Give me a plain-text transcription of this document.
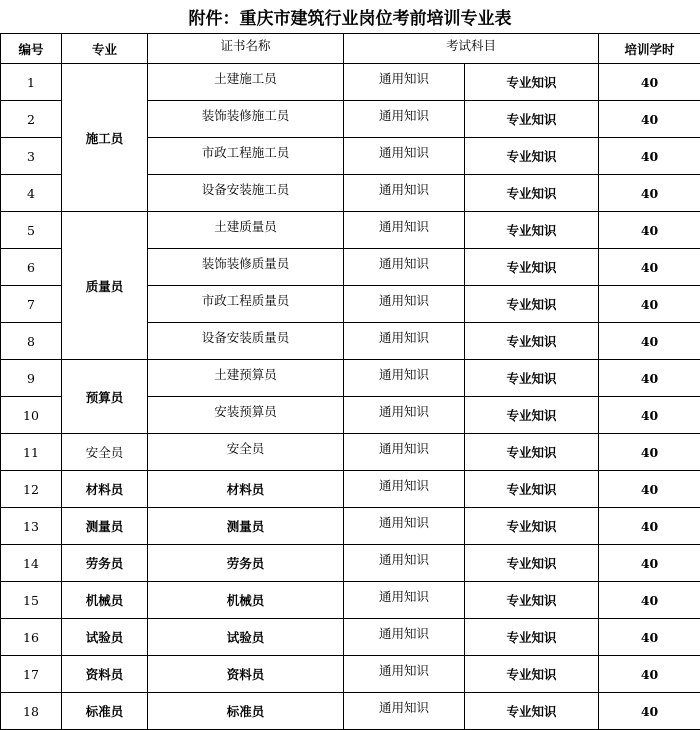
附件：重庆市建筑行业岗位考前培训专业表
编号	专业	证书名称	考试科目		培训学时
1	施工员	土建施工员	通用知识	专业知识	40
2		装饰装修施工员	通用知识	专业知识	40
3		市政工程施工员	通用知识	专业知识	40
4		设备安装施工员	通用知识	专业知识	40
5	质量员	土建质量员	通用知识	专业知识	40
6		装饰装修质量员	通用知识	专业知识	40
7		市政工程质量员	通用知识	专业知识	40
8		设备安装质量员	通用知识	专业知识	40
9	预算员	土建预算员	通用知识	专业知识	40
10		安装预算员	通用知识	专业知识	40
11	安全员	安全员	通用知识	专业知识	40
12	材料员	材料员	通用知识	专业知识	40
13	测量员	测量员	通用知识	专业知识	40
14	劳务员	劳务员	通用知识	专业知识	40
15	机械员	机械员	通用知识	专业知识	40
16	试验员	试验员	通用知识	专业知识	40
17	资料员	资料员	通用知识	专业知识	40
18	标准员	标准员	通用知识	专业知识	40
